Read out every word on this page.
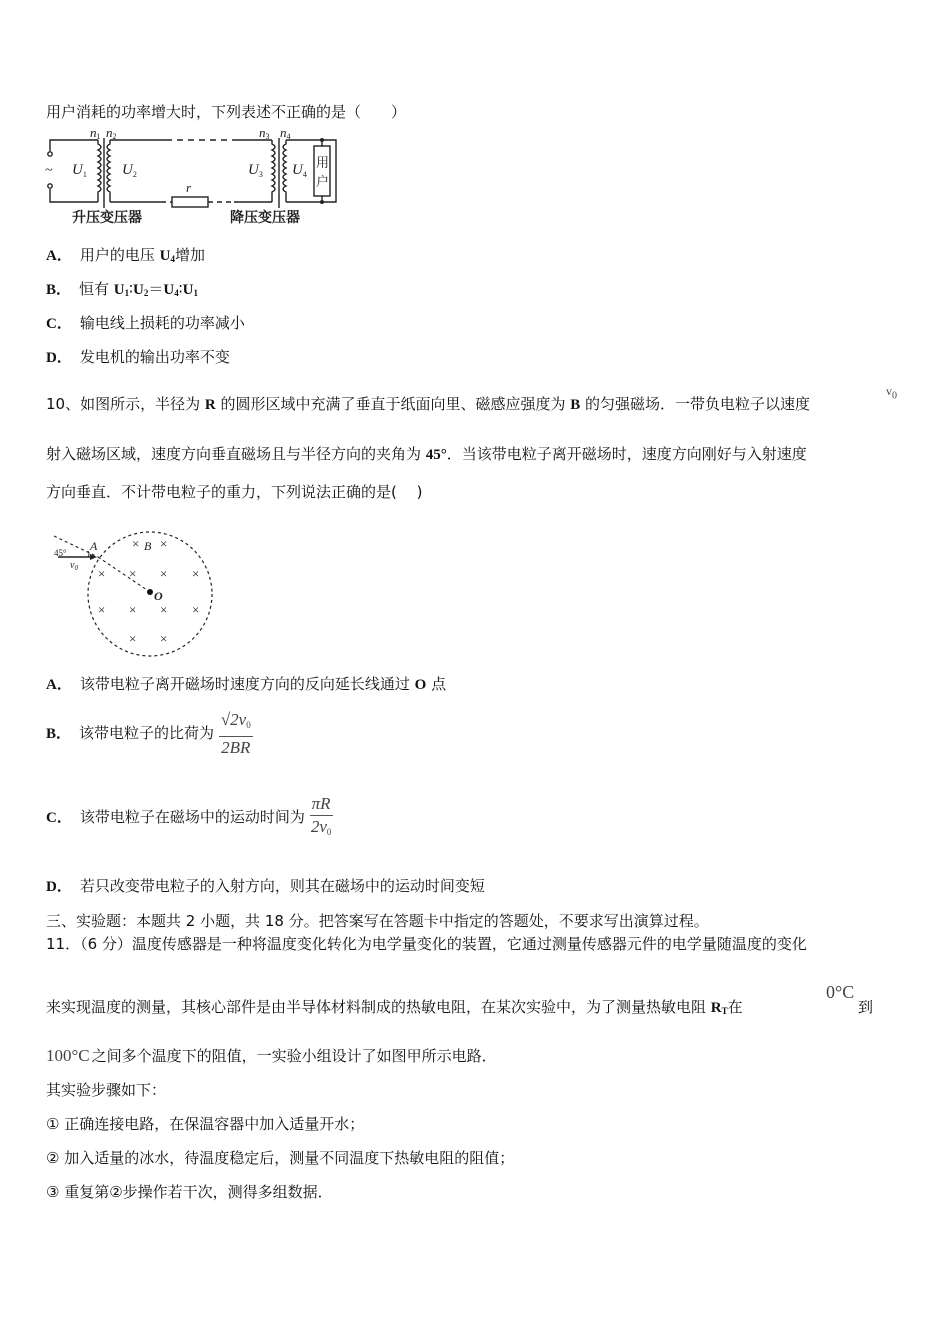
用户消耗的功率增大时，下列表述不正确的是（　　）
n1 n2	n3 n4
$U_1$ $U_2$	$U_3$ $U_4$
r
~
用
户
升压变压器	降压变压器
A． 用户的电压 $U_4$增加
B． 恒有 $U_1∶U_2=U_4∶U_1$
C． 输电线上损耗的功率减小
D． 发电机的输出功率不变
10、如图所示，半径为 R 的圆形区域中充满了垂直于纸面向里、磁感应强度为 B 的匀强磁场．一带负电粒子以速度
$v_0$
射入磁场区域，速度方向垂直磁场且与半径方向的夹角为 45°．当该带电粒子离开磁场时，速度方向刚好与入射速度
方向垂直．不计带电粒子的重力，下列说法正确的是(　 )
45° A	B
O
$v_0$
× ×
× × × ×
× × × ×
× ×
A． 该带电粒子离开磁场时速度方向的反向延长线通过 O 点
B． 该带电粒子的比荷为 $\frac{√2v0}{2BR}$
C． 该带电粒子在磁场中的运动时间为 $\frac{\pi R}{2v0}$
D． 若只改变带电粒子的入射方向，则其在磁场中的运动时间变短
三、实验题：本题共 2 小题，共 18 分。把答案写在答题卡中指定的答题处，不要求写出演算过程。
11．（6 分）温度传感器是一种将温度变化转化为电学量变化的装置，它通过测量传感器元件的电学量随温度的变化
来实现温度的测量，其核心部件是由半导体材料制成的热敏电阻，在某次实验中，为了测量热敏电阻 $R_T$在
0°C
到
100°C 之间多个温度下的阻值，一实验小组设计了如图甲所示电路．
其实验步骤如下：
① 正确连接电路，在保温容器中加入适量开水；
② 加入适量的冰水，待温度稳定后，测量不同温度下热敏电阻的阻值；
③ 重复第②步操作若干次，测得多组数据．
